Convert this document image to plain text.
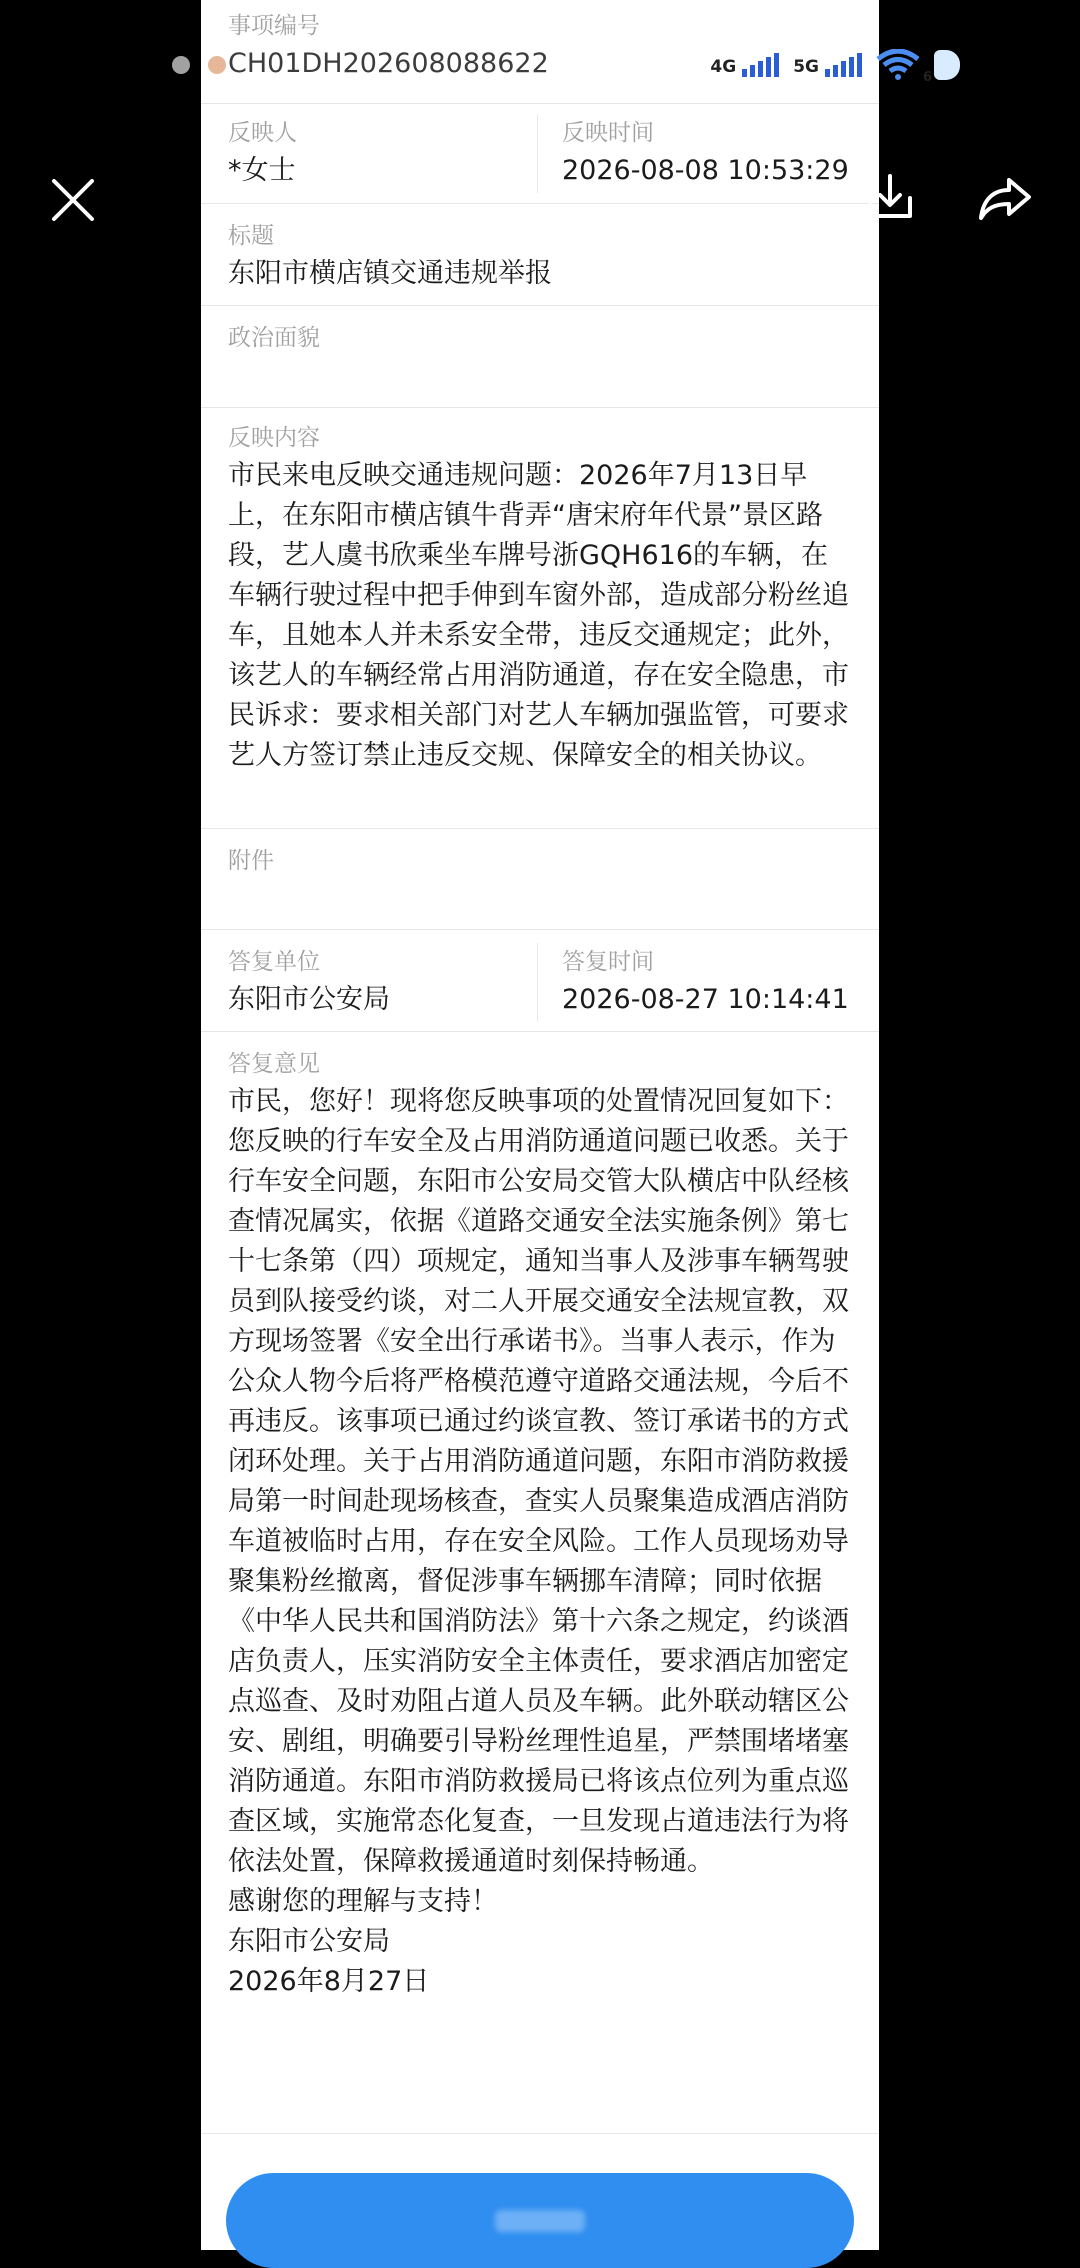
事项编号
CH01DH202608088622
反映人
*女士
反映时间
2026-08-08 10:53:29
标题
东阳市横店镇交通违规举报
政治面貌
反映内容
市民来电反映交通违规问题：2026年7月13日早上，在东阳市横店镇牛背弄“唐宋府年代景”景区路段，艺人虞书欣乘坐车牌号浙GQH616的车辆，在车辆行驶过程中把手伸到车窗外部，造成部分粉丝追车，且她本人并未系安全带，违反交通规定；此外，该艺人的车辆经常占用消防通道，存在安全隐患，市民诉求：要求相关部门对艺人车辆加强监管，可要求艺人方签订禁止违反交规、保障安全的相关协议。
附件
答复单位
东阳市公安局
答复时间
2026-08-27 10:14:41
答复意见
市民，您好！现将您反映事项的处置情况回复如下：
您反映的行车安全及占用消防通道问题已收悉。关于行车安全问题，东阳市公安局交管大队横店中队经核查情况属实，依据《道路交通安全法实施条例》第七十七条第（四）项规定，通知当事人及涉事车辆驾驶员到队接受约谈，对二人开展交通安全法规宣教，双方现场签署《安全出行承诺书》。当事人表示，作为公众人物今后将严格模范遵守道路交通法规，今后不再违反。该事项已通过约谈宣教、签订承诺书的方式闭环处理。关于占用消防通道问题，东阳市消防救援局第一时间赴现场核查，查实人员聚集造成酒店消防车道被临时占用，存在安全风险。工作人员现场劝导聚集粉丝撤离，督促涉事车辆挪车清障；同时依据《中华人民共和国消防法》第十六条之规定，约谈酒店负责人，压实消防安全主体责任，要求酒店加密定点巡查、及时劝阻占道人员及车辆。此外联动辖区公安、剧组，明确要引导粉丝理性追星，严禁围堵堵塞消防通道。东阳市消防救援局已将该点位列为重点巡查区域，实施常态化复查，一旦发现占道违法行为将依法处置，保障救援通道时刻保持畅通。
感谢您的理解与支持！
东阳市公安局
2026年8月27日
4G	5G
6
